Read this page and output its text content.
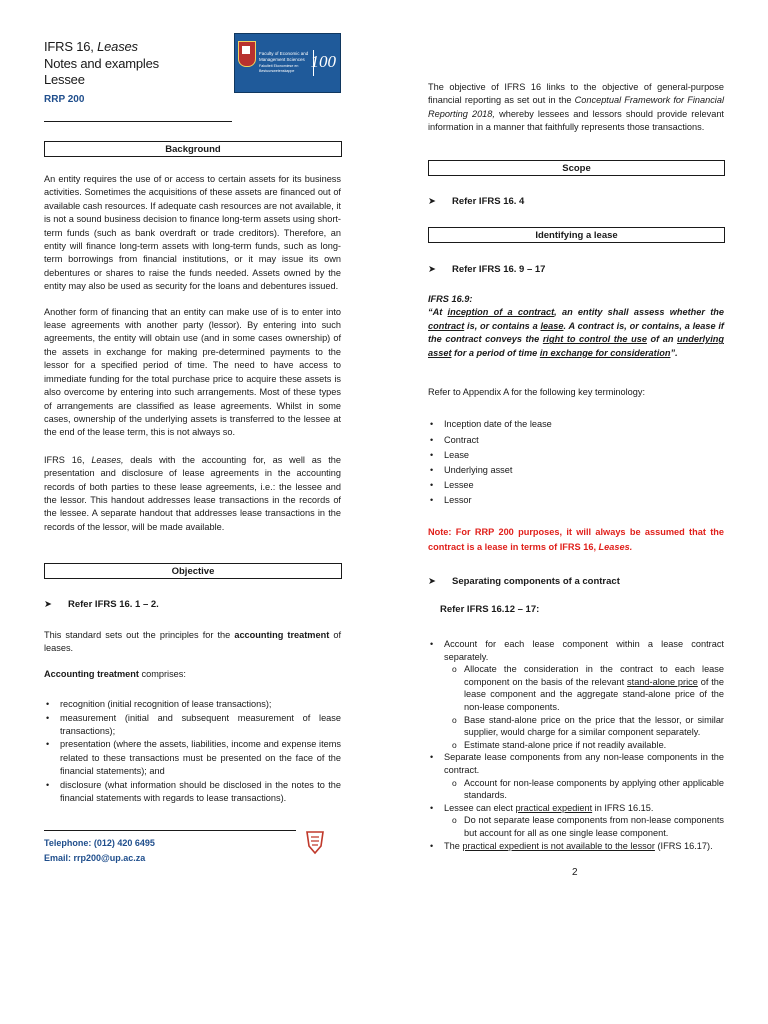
IFRS 16, Leases
Notes and examples
Lessee
RRP 200
Faculty of Economic and Management Sciences
Fakulteit Ekonomiese en Bestuurswetenskappe 100
Background

An entity requires the use of or access to certain assets for its business activities. Sometimes the acquisitions of these assets are financed out of available cash resources. If adequate cash resources are not available, it is not a sound business decision to finance long-term assets using short-term funds (such as bank overdraft or trade creditors). Therefore, an entity will finance long-term assets with long-term funds, such as long-term borrowings from financial institutions, or it may issue its own debentures or shares to raise the funds needed. Assets owned by the entity may also be used as security for the loans and debentures issued.

Another form of financing that an entity can make use of is to enter into lease agreements with another party (lessor). By entering into such agreements, the entity will obtain use (and in some cases ownership) of the assets in exchange for making pre-determined payments to the lessor for a specified period of time. The need to have access to immediate funding for the total purchase price to acquire these assets is also overcome by entering into such arrangements. Most of these types of arrangements are classified as lease agreements. Whilst in some cases, ownership of the underlying assets is transferred to the lessee at the end of the lease term, this is not always so.

IFRS 16, Leases, deals with the accounting for, as well as the presentation and disclosure of lease agreements in the accounting records of both parties to these lease agreements, i.e.: the lessee and the lessor. This handout addresses lease transactions in the records of the lessee. A separate handout that addresses lease transactions in the records of the lessor, will be made available.

Objective
➤ Refer IFRS 16. 1 – 2.

This standard sets out the principles for the accounting treatment of leases.

Accounting treatment comprises:

• recognition (initial recognition of lease transactions);
• measurement (initial and subsequent measurement of lease transactions);
• presentation (where the assets, liabilities, income and expense items related to these transactions must be presented on the face of the financial statements); and
• disclosure (what information should be disclosed in the notes to the financial statements with regards to lease transactions).
Telephone: (012) 420 6495
Email: rrp200@up.ac.za

The objective of IFRS 16 links to the objective of general-purpose financial reporting as set out in the Conceptual Framework for Financial Reporting 2018, whereby lessees and lessors should provide relevant information in a manner that faithfully represents those transactions.

Scope
➤ Refer IFRS 16. 4
Identifying a lease
➤ Refer IFRS 16. 9 – 17
IFRS 16.9:

“At inception of a contract, an entity shall assess whether the contract is, or contains a lease. A contract is, or contains, a lease if the contract conveys the right to control the use of an underlying asset for a period of time in exchange for consideration”.

Refer to Appendix A for the following key terminology:

• Inception date of the lease
• Contract
• Lease
• Underlying asset
• Lessee
• Lessor

Note: For RRP 200 purposes, it will always be assumed that the contract is a lease in terms of IFRS 16, Leases.

➤ Separating components of a contract
Refer IFRS 16.12 – 17:
• Account for each lease component within a lease contract separately.
o Allocate the consideration in the contract to each lease component on the basis of the relevant stand-alone price of the lease component and the aggregate stand-alone price of the non-lease components.
o Base stand-alone price on the price that the lessor, or similar supplier, would charge for a similar component separately.
o Estimate stand-alone price if not readily available.
• Separate lease components from any non-lease components in the contract.
o Account for non-lease components by applying other applicable standards.
• Lessee can elect practical expedient in IFRS 16.15.
o Do not separate lease components from non-lease components but account for all as one single lease component.
• The practical expedient is not available to the lessor (IFRS 16.17).
2
